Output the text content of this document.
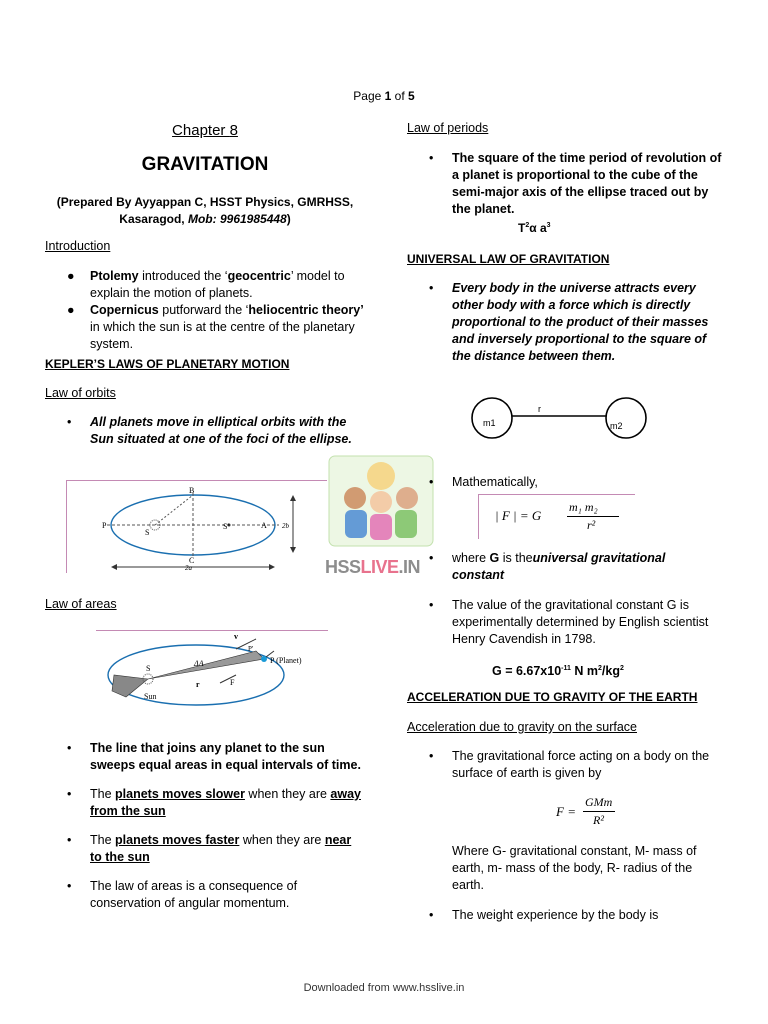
Page 1 of 5
Chapter 8
GRAVITATION
(Prepared By Ayyappan C, HSST Physics, GMRHSS,
Kasaragod, Mob: 9961985448)
Introduction
● Ptolemy introduced the ‘geocentric’ model to explain the motion of planets.
● Copernicus putforward the ‘heliocentric theory’ in which the sun is at the centre of the planetary system.
KEPLER’S LAWS OF PLANETARY MOTION
Law of orbits
• All planets move in elliptical orbits with the Sun situated at one of the foci of the ellipse.
B
C
P
S
S'	A 2b
2a
Law of areas
v
P'
P (Planet)
ΔA
S
r	F
Sun
• The line that joins any planet to the sun sweeps equal areas in equal intervals of time.
• The planets moves slower when they are away from the sun
• The planets moves faster when they are near to the sun
• The law of areas is a consequence of conservation of angular momentum.
Law of periods
• The square of the time period of revolution of a planet is proportional to the cube of the semi-major axis of the ellipse traced out by the planet.
$T^2\alpha$ $a^3$
UNIVERSAL LAW OF GRAVITATION
• Every body in the universe attracts every other body with a force which is directly proportional to the product of their masses and inversely proportional to the square of the distance between them.
m1	m2
r
HSSLIVE.IN
• Mathematically,
| F | = G
m₁ m₂
r²
• where G is theuniversal gravitational
constant
• The value of the gravitational constant G is experimentally determined by English scientist Henry Cavendish in 1798.
$G = 6.67x10^{-11}$ N $m^2/kg^2$
ACCELERATION DUE TO GRAVITY OF THE EARTH
Acceleration due to gravity on the surface
• The gravitational force acting on a body on the surface of earth is given by
F =
GMm
R²
Where G- gravitational constant, M- mass of earth, m- mass of the body, R- radius of the earth.
• The weight experience by the body is
Downloaded from www.hsslive.in
